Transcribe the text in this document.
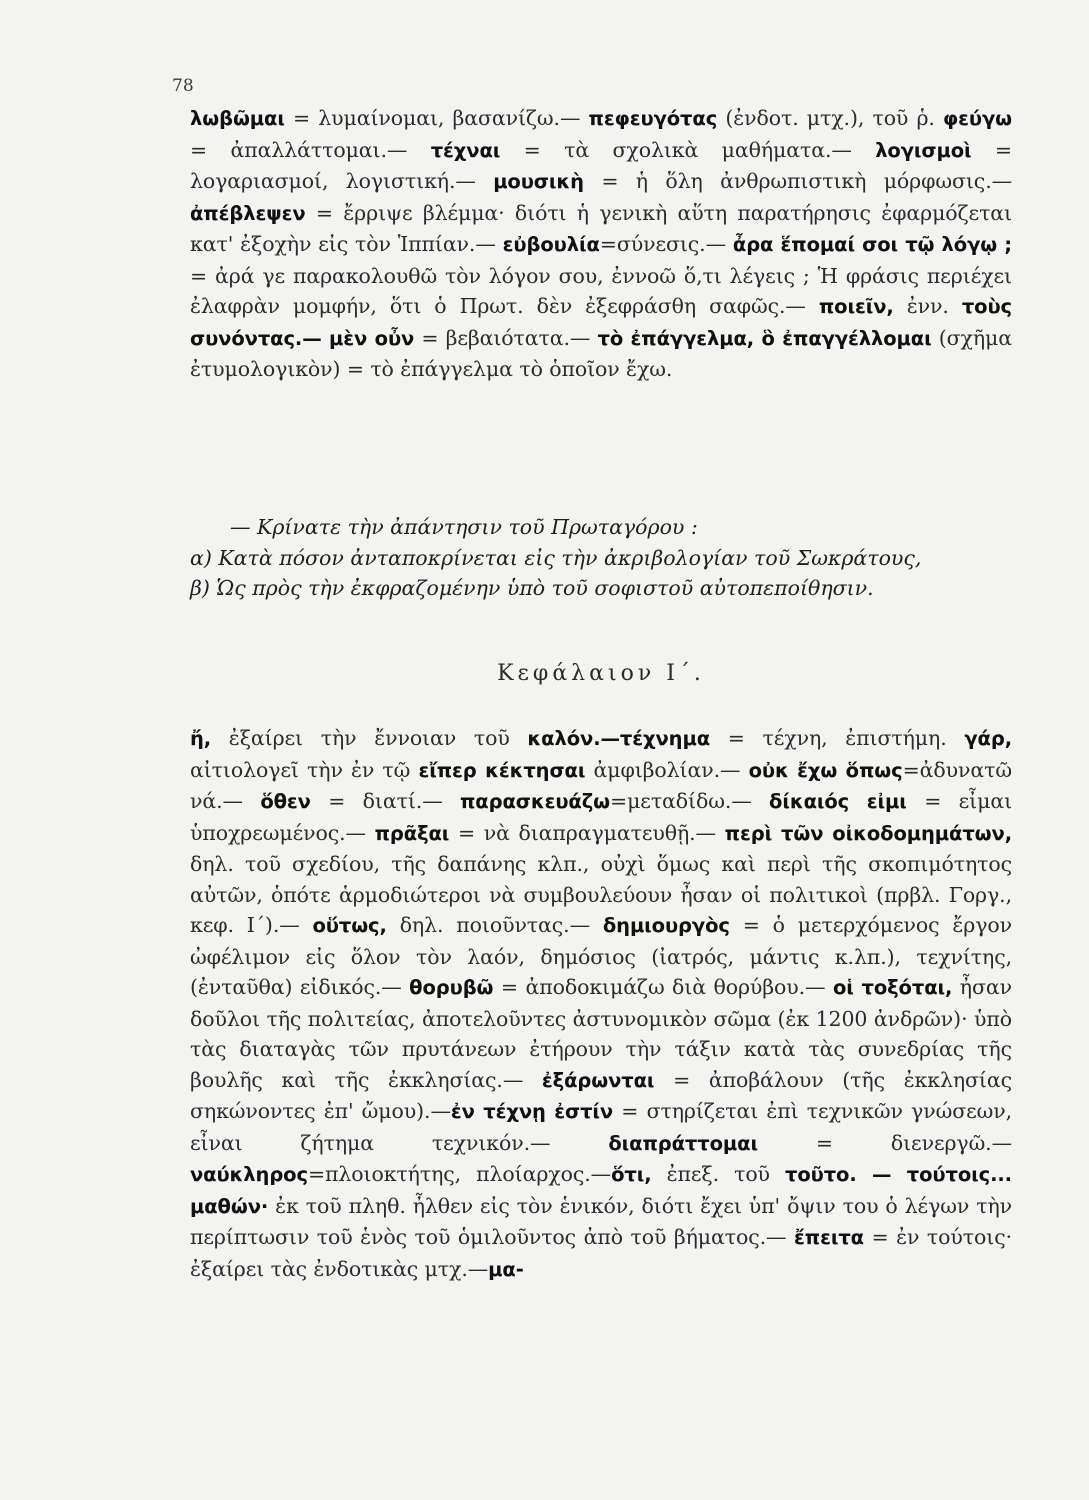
78
λωβῶμαι = λυμαίνομαι, βασανίζω.— πεφευγότας (ἐνδοτ. μτχ.), τοῦ ῥ. φεύγω = ἀπαλλάττομαι.— τέχναι = τὰ σχολικὰ μαθήματα.— λογισμοὶ = λογαριασμοί, λογιστική.— μουσικὴ = ἡ ὅλη ἀνθρωπιστικὴ μόρφωσις.— ἀπέβλεψεν = ἔρριψε βλέμμα· διότι ἡ γενικὴ αὕτη παρατήρησις ἐφαρμόζεται κατ' ἐξοχὴν εἰς τὸν Ἱππίαν.— εὐβουλία=σύνεσις.— ἆρα ἕπομαί σοι τῷ λόγῳ ; = ἀρά γε παρακολουθῶ τὸν λόγον σου, ἐννοῶ ὅ,τι λέγεις ; Ἡ φράσις περιέχει ἐλαφρὰν μομφήν, ὅτι ὁ Πρωτ. δὲν ἐξεφράσθη σαφῶς.— ποιεῖν, ἐνν. τοὺς συνόντας.— μὲν οὖν = βεβαιότατα.— τὸ ἐπάγγελμα, ὃ ἐπαγγέλλομαι (σχῆμα ἐτυμολογικὸν) = τὸ ἐπάγγελμα τὸ ὁποῖον ἔχω.
— Κρίνατε τὴν ἀπάντησιν τοῦ Πρωταγόρου :
α) Κατὰ πόσον ἀνταποκρίνεται εἰς τὴν ἀκριβολογίαν τοῦ Σωκράτους,
β) Ὡς πρὸς τὴν ἐκφραζομένην ὑπὸ τοῦ σοφιστοῦ αὐτοπεποίθησιν.
Κεφάλαιον Ι΄.
ἤ, ἐξαίρει τὴν ἔννοιαν τοῦ καλόν.—τέχνημα = τέχνη, ἐπιστήμη. γάρ, αἰτιολογεῖ τὴν ἐν τῷ εἴπερ κέκτησαι ἀμφιβολίαν.— οὐκ ἔχω ὅπως=ἀδυνατῶ νά.— ὅθεν = διατί.— παρασκευάζω=μεταδίδω.— δίκαιός εἰμι = εἶμαι ὑποχρεωμένος.— πρᾶξαι = νὰ διαπραγματευθῇ.— περὶ τῶν οἰκοδομημάτων, δηλ. τοῦ σχεδίου, τῆς δαπάνης κλπ., οὐχὶ ὅμως καὶ περὶ τῆς σκοπιμότητος αὐτῶν, ὁπότε ἁρμοδιώτεροι νὰ συμβουλεύουν ἦσαν οἱ πολιτικοὶ (πρβλ. Γοργ., κεφ. Ι΄).— οὕτως, δηλ. ποιοῦντας.— δημιουργὸς = ὁ μετερχόμενος ἔργον ὠφέλιμον εἰς ὅλον τὸν λαόν, δημόσιος (ἰατρός, μάντις κ.λπ.), τεχνίτης, (ἐνταῦθα) εἰδικός.— θορυβῶ = ἀποδοκιμάζω διὰ θορύβου.— οἱ τοξόται, ἦσαν δοῦλοι τῆς πολιτείας, ἀποτελοῦντες ἀστυνομικὸν σῶμα (ἐκ 1200 ἀνδρῶν)· ὑπὸ τὰς διαταγὰς τῶν πρυτάνεων ἐτήρουν τὴν τάξιν κατὰ τὰς συνεδρίας τῆς βουλῆς καὶ τῆς ἐκκλησίας.— ἐξάρωνται = ἀποβάλουν (τῆς ἐκκλησίας σηκώνοντες ἐπ' ὤμου).—ἐν τέχνῃ ἐστίν = στηρίζεται ἐπὶ τεχνικῶν γνώσεων, εἶναι ζήτημα τεχνικόν.— διαπράττομαι = διενεργῶ.— ναύκληρος=πλοιοκτήτης, πλοίαρχος.—ὅτι, ἐπεξ. τοῦ τοῦτο. — τούτοις... μαθών· ἐκ τοῦ πληθ. ἦλθεν εἰς τὸν ἑνικόν, διότι ἔχει ὑπ' ὄψιν του ὁ λέγων τὴν περίπτωσιν τοῦ ἑνὸς τοῦ ὁμιλοῦντος ἀπὸ τοῦ βήματος.— ἔπειτα = ἐν τούτοις· ἐξαίρει τὰς ἐνδοτικὰς μτχ.—μα-
